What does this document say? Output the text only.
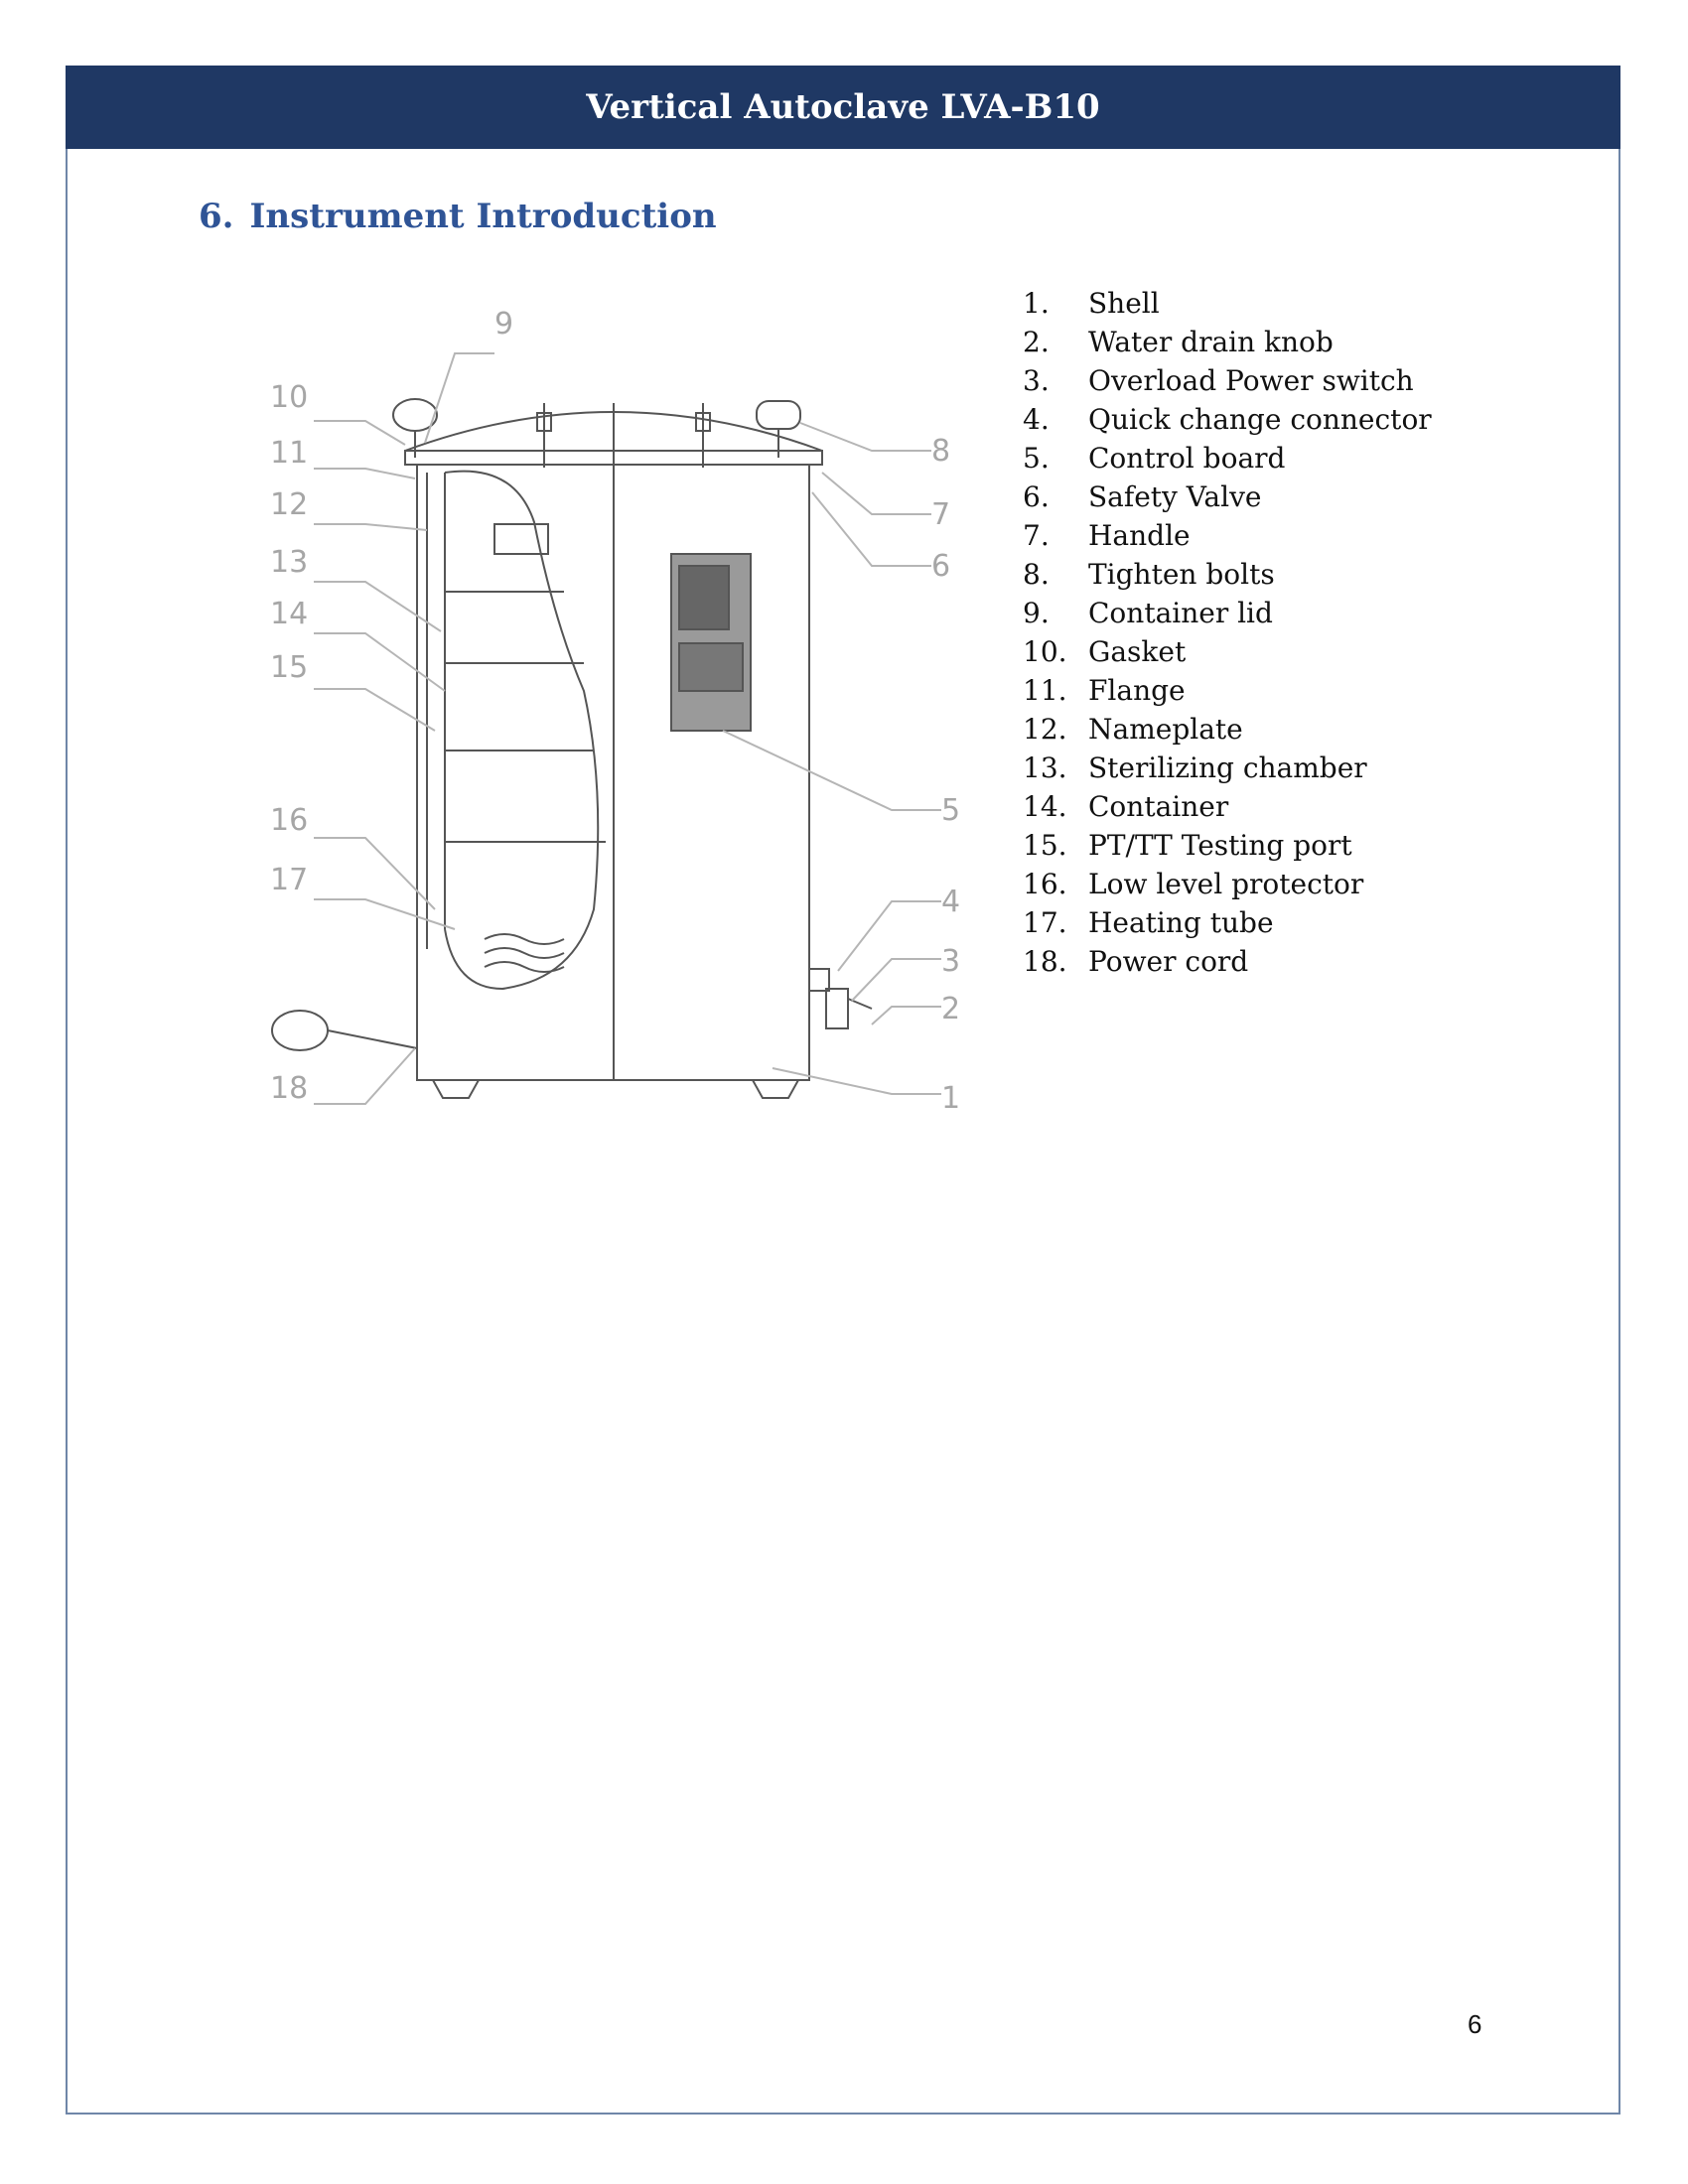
Vertical Autoclave LVA-B10
6. Instrument Introduction
1
2
3
4
5
6
7
8
9
10
11
12
13
14
15
16
17
18
1.	Shell
2.	Water drain knob
3.	Overload Power switch
4.	Quick change connector
5.	Control board
6.	Safety Valve
7.	Handle
8.	Tighten bolts
9.	Container lid
10. Gasket
11. Flange
12. Nameplate
13. Sterilizing chamber
14. Container
15. PT/TT Testing port
16. Low level protector
17. Heating tube
18. Power cord
6
